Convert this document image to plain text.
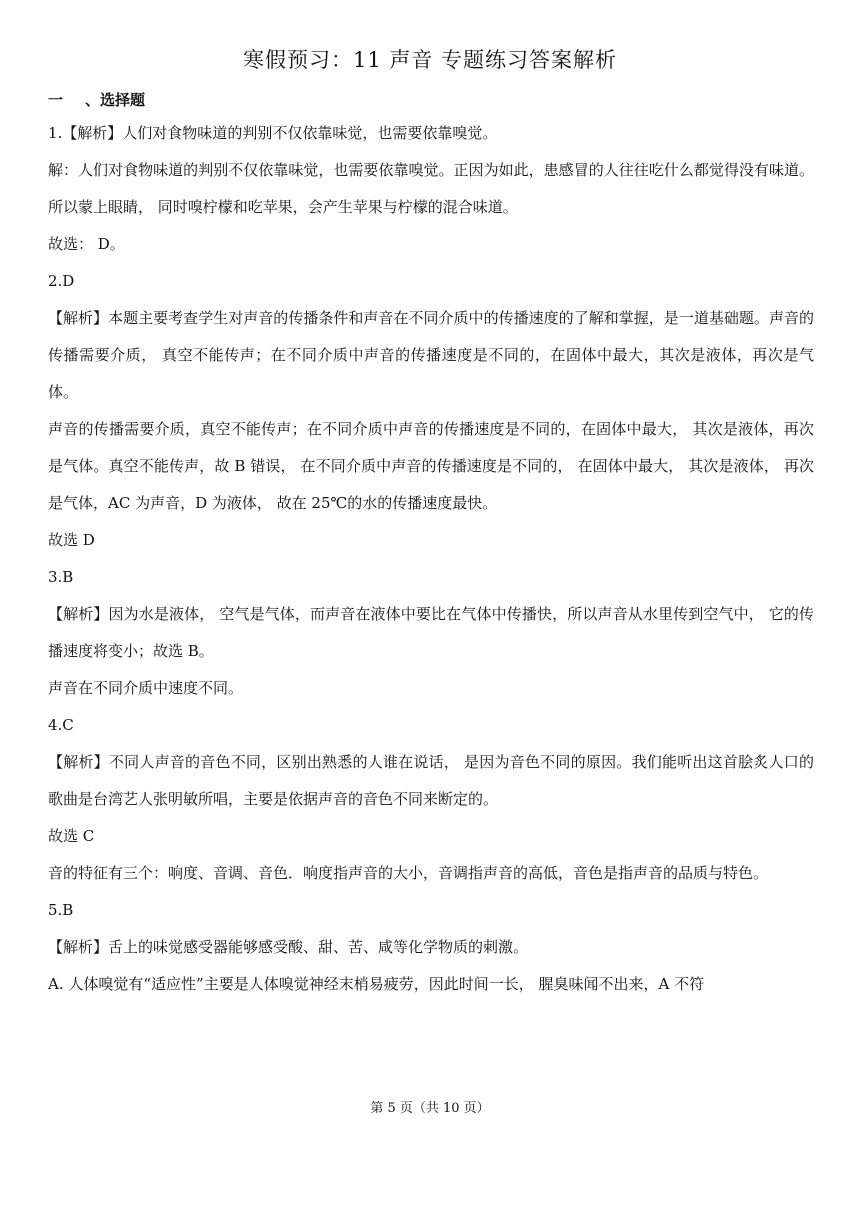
寒假预习：11 声音 专题练习答案解析
一 、选择题

1.【解析】人们对食物味道的判别不仅依靠味觉，也需要依靠嗅觉。

解：人们对食物味道的判别不仅依靠味觉，也需要依靠嗅觉。正因为如此，患感冒的人往往吃什么都觉得没有味道。所以蒙上眼睛， 同时嗅柠檬和吃苹果，会产生苹果与柠檬的混合味道。

故选： D。

2.D

【解析】本题主要考查学生对声音的传播条件和声音在不同介质中的传播速度的了解和掌握，是一道基础题。声音的传播需要介质， 真空不能传声；在不同介质中声音的传播速度是不同的，在固体中最大，其次是液体，再次是气体。

声音的传播需要介质，真空不能传声；在不同介质中声音的传播速度是不同的，在固体中最大， 其次是液体，再次是气体。真空不能传声，故 B 错误， 在不同介质中声音的传播速度是不同的， 在固体中最大， 其次是液体， 再次是气体，AC 为声音，D 为液体， 故在 25℃的水的传播速度最快。

故选 D

3.B

【解析】因为水是液体， 空气是气体，而声音在液体中要比在气体中传播快，所以声音从水里传到空气中， 它的传播速度将变小；故选 B。

声音在不同介质中速度不同。

4.C

【解析】不同人声音的音色不同，区别出熟悉的人谁在说话， 是因为音色不同的原因。我们能听出这首脍炙人口的歌曲是台湾艺人张明敏所唱，主要是依据声音的音色不同来断定的。

故选 C

音的特征有三个：响度、音调、音色．响度指声音的大小，音调指声音的高低，音色是指声音的品质与特色。

5.B

【解析】舌上的味觉感受器能够感受酸、甜、苦、咸等化学物质的刺激。

A. 人体嗅觉有“适应性”主要是人体嗅觉神经末梢易疲劳，因此时间一长， 腥臭味闻不出来，A 不符

第 5 页（共 10 页）
